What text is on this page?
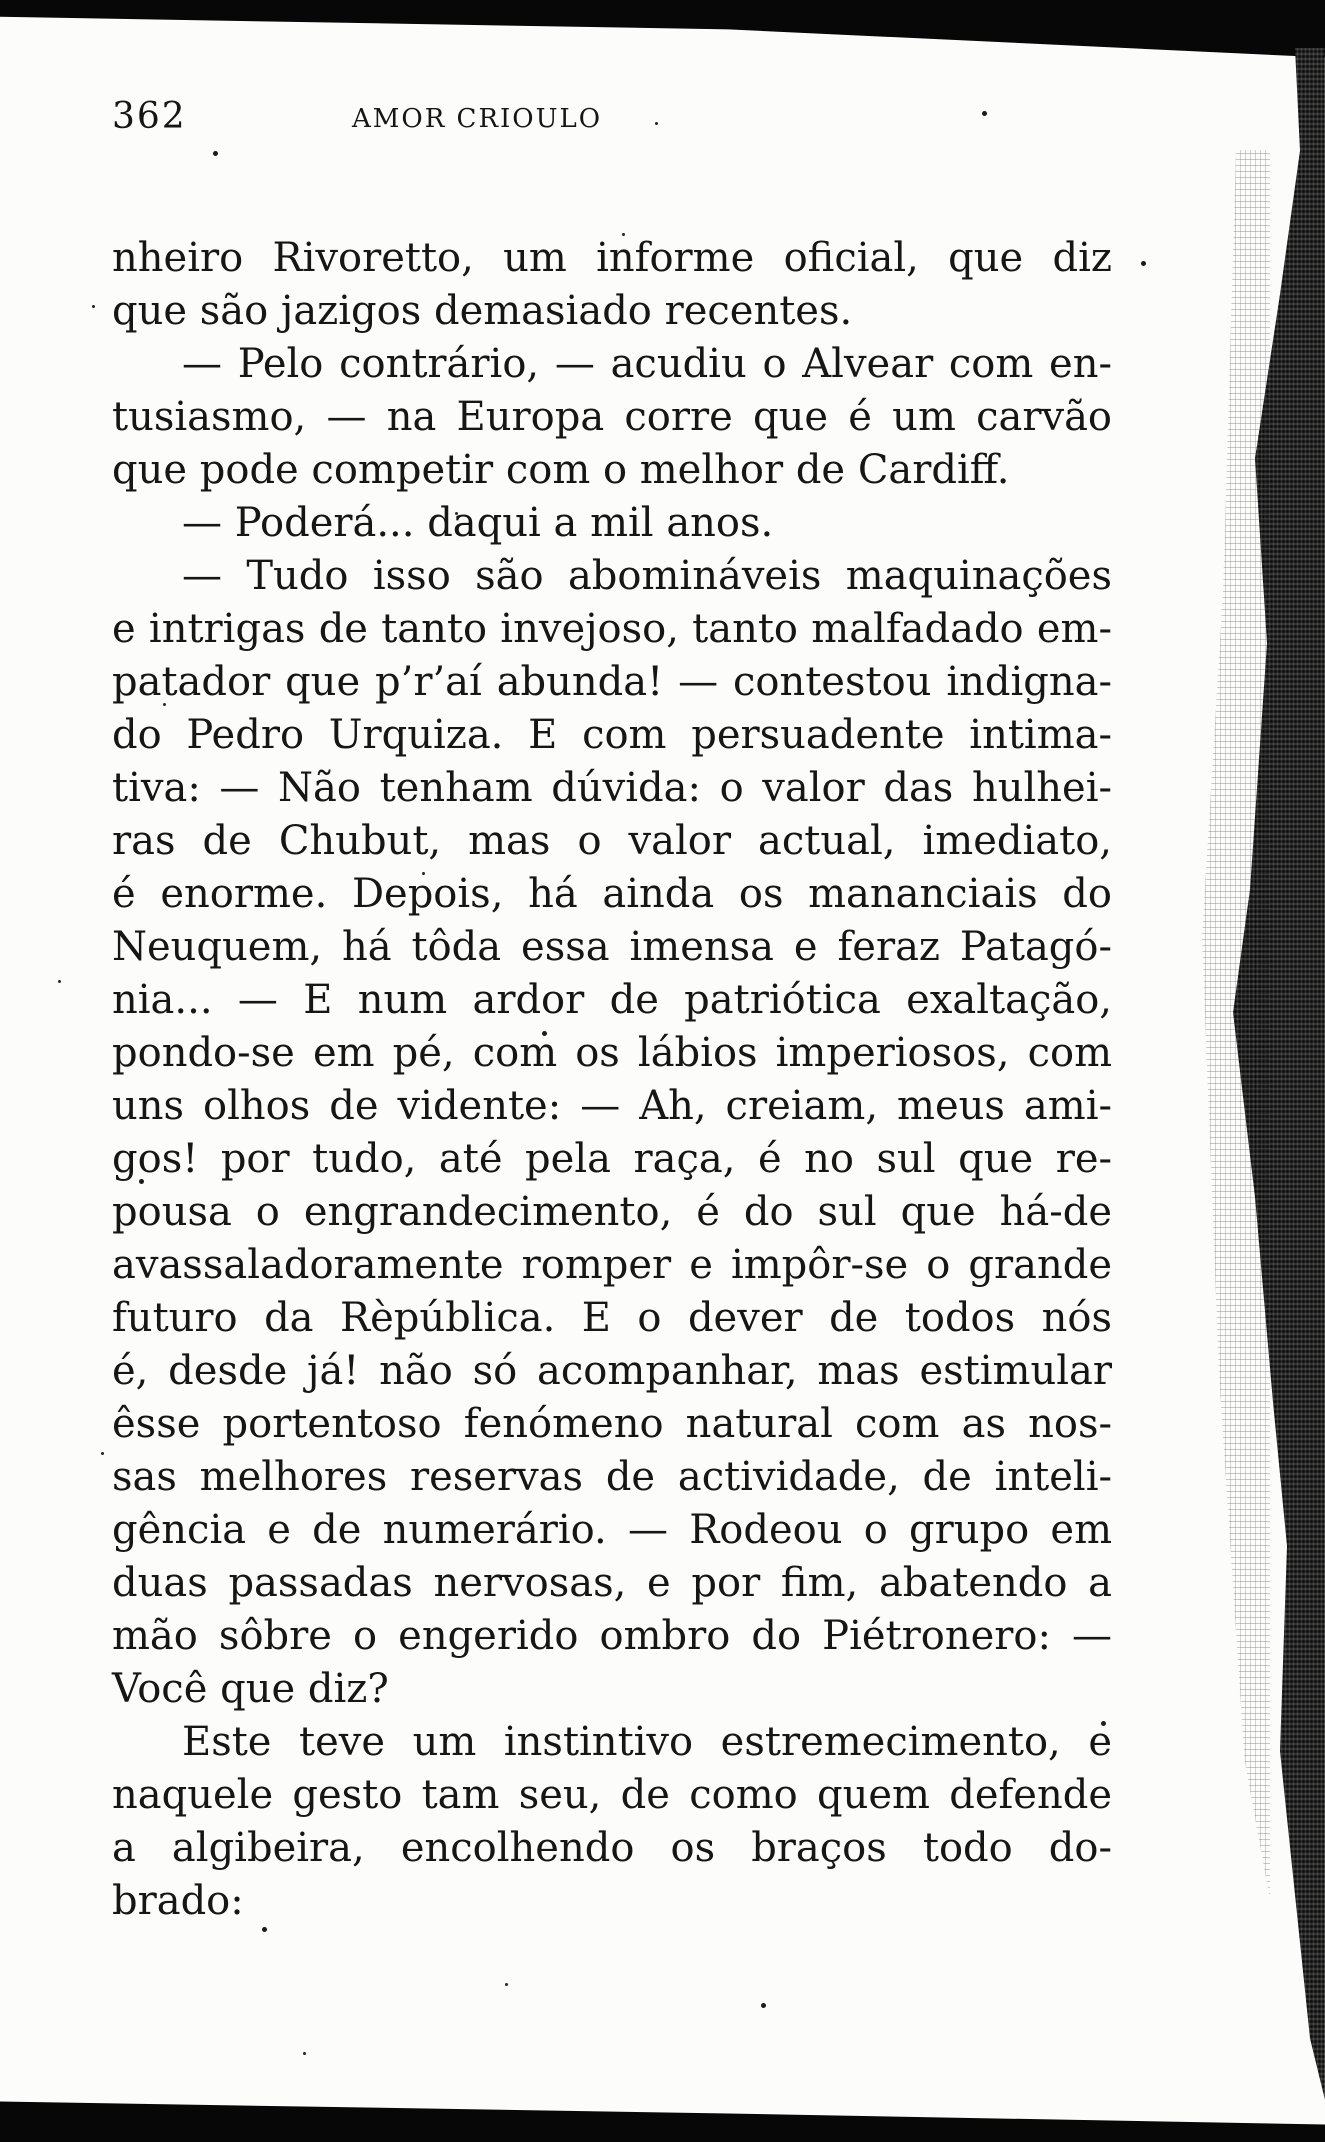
362	AMOR CRIOULO
nheiro Rivoretto, um informe oficial, que diz
que são jazigos demasiado recentes.
— Pelo contrário, — acudiu o Alvear com en-
tusiasmo, — na Europa corre que é um carvão
que pode competir com o melhor de Cardiff.
— Poderá... daqui a mil anos.
— Tudo isso são abomináveis maquinações
e intrigas de tanto invejoso, tanto malfadado em-
patador que p’r’aí abunda! — contestou indigna-
do Pedro Urquiza. E com persuadente intima-
tiva: — Não tenham dúvida: o valor das hulhei-
ras de Chubut, mas o valor actual, imediato,
é enorme. Depois, há ainda os mananciais do
Neuquem, há tôda essa imensa e feraz Patagó-
nia... — E num ardor de patriótica exaltação,
pondo-se em pé, com os lábios imperiosos, com
uns olhos de vidente: — Ah, creiam, meus ami-
gos! por tudo, até pela raça, é no sul que re-
pousa o engrandecimento, é do sul que há-de
avassaladoramente romper e impôr-se o grande
futuro da Rèpública. E o dever de todos nós
é, desde já! não só acompanhar, mas estimular
êsse portentoso fenómeno natural com as nos-
sas melhores reservas de actividade, de inteli-
gência e de numerário. — Rodeou o grupo em
duas passadas nervosas, e por fim, abatendo a
mão sôbre o engerido ombro do Piétronero: —
Você que diz?
Este teve um instintivo estremecimento, e
naquele gesto tam seu, de como quem defende
a algibeira, encolhendo os braços todo do-
brado:
